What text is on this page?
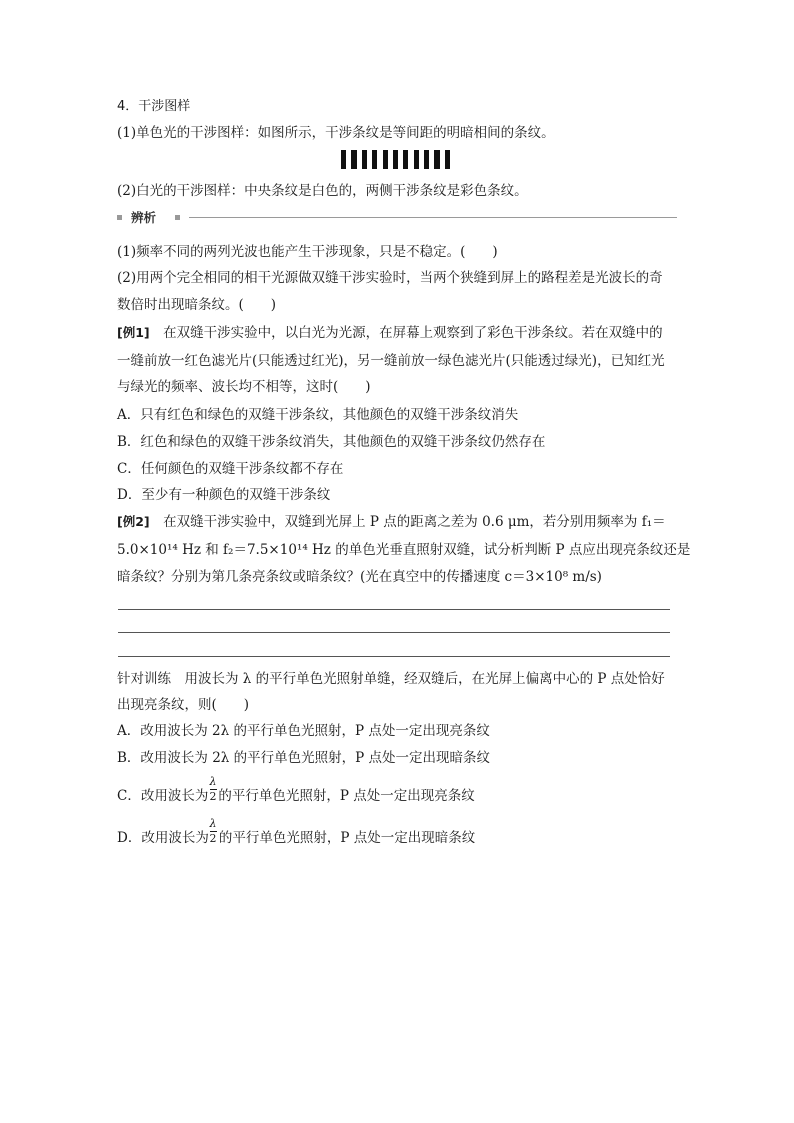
4．干涉图样
(1)单色光的干涉图样：如图所示，干涉条纹是等间距的明暗相间的条纹。
(2)白光的干涉图样：中央条纹是白色的，两侧干涉条纹是彩色条纹。
辨析
(1)频率不同的两列光波也能产生干涉现象，只是不稳定。(　　)
(2)用两个完全相同的相干光源做双缝干涉实验时，当两个狭缝到屏上的路程差是光波长的奇
数倍时出现暗条纹。(　　)
[例1]　在双缝干涉实验中，以白光为光源，在屏幕上观察到了彩色干涉条纹。若在双缝中的
一缝前放一红色滤光片(只能透过红光)，另一缝前放一绿色滤光片(只能透过绿光)，已知红光
与绿光的频率、波长均不相等，这时(　　)
A．只有红色和绿色的双缝干涉条纹，其他颜色的双缝干涉条纹消失
B．红色和绿色的双缝干涉条纹消失，其他颜色的双缝干涉条纹仍然存在
C．任何颜色的双缝干涉条纹都不存在
D．至少有一种颜色的双缝干涉条纹
[例2]　在双缝干涉实验中，双缝到光屏上 P 点的距离之差为 0.6 μm，若分别用频率为 f₁＝
5.0×10¹⁴ Hz 和 f₂＝7.5×10¹⁴ Hz 的单色光垂直照射双缝，试分析判断 P 点应出现亮条纹还是
暗条纹？分别为第几条亮条纹或暗条纹？(光在真空中的传播速度 c＝3×10⁸ m/s)
针对训练　用波长为 λ 的平行单色光照射单缝，经双缝后，在光屏上偏离中心的 P 点处恰好
出现亮条纹，则(　　)
A．改用波长为 2λ 的平行单色光照射，P 点处一定出现亮条纹
B．改用波长为 2λ 的平行单色光照射，P 点处一定出现暗条纹
C．改用波长为 的平行单色光照射，P 点处一定出现亮条纹
λ
2
D．改用波长为 的平行单色光照射，P 点处一定出现暗条纹
λ
2
